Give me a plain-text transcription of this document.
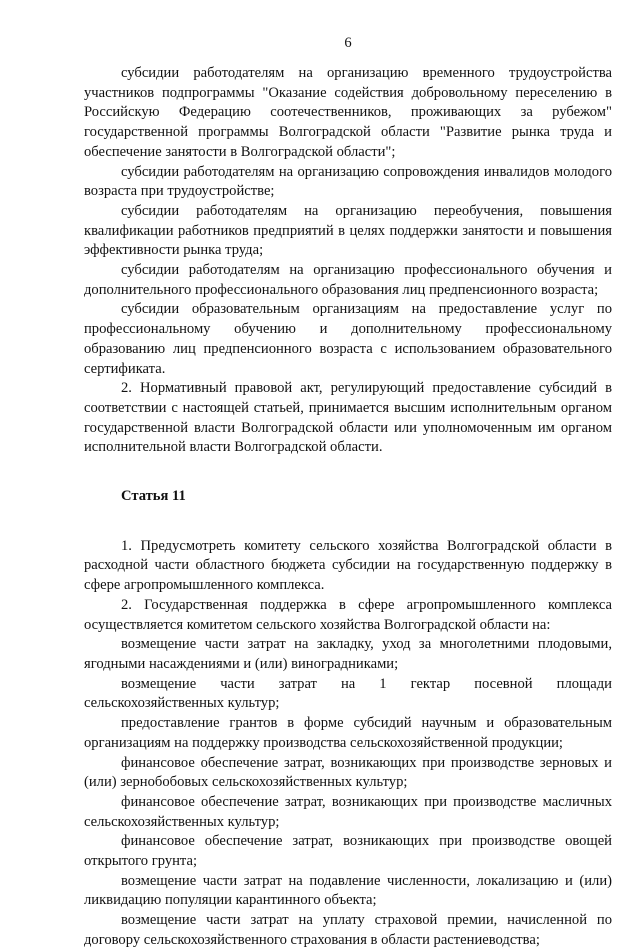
6

субсидии работодателям на организацию временного трудоустройства участников подпрограммы "Оказание содействия добровольному переселению в Российскую Федерацию соотечественников, проживающих за рубежом" государственной программы Волгоградской области "Развитие рынка труда и обеспечение занятости в Волгоградской области";

субсидии работодателям на организацию сопровождения инвалидов молодого возраста при трудоустройстве;

субсидии работодателям на организацию переобучения, повышения квалификации работников предприятий в целях поддержки занятости и повышения эффективности рынка труда;

субсидии работодателям на организацию профессионального обучения и дополнительного профессионального образования лиц предпенсионного возраста;

субсидии образовательным организациям на предоставление услуг по профессиональному обучению и дополнительному профессиональному образованию лиц предпенсионного возраста с использованием образовательного сертификата.

2. Нормативный правовой акт, регулирующий предоставление субсидий в соответствии с настоящей статьей, принимается высшим исполнительным органом государственной власти Волгоградской области или уполномоченным им органом исполнительной власти Волгоградской области.

Статья 11

1. Предусмотреть комитету сельского хозяйства Волгоградской области в расходной части областного бюджета субсидии на государственную поддержку в сфере агропромышленного комплекса.

2. Государственная поддержка в сфере агропромышленного комплекса осуществляется комитетом сельского хозяйства Волгоградской области на:

возмещение части затрат на закладку, уход за многолетними плодовыми, ягодными насаждениями и (или) виноградниками;

возмещение части затрат на 1 гектар посевной площади сельскохозяйственных культур;

предоставление грантов в форме субсидий научным и образовательным организациям на поддержку производства сельскохозяйственной продукции;

финансовое обеспечение затрат, возникающих при производстве зерновых и (или) зернобобовых сельскохозяйственных культур;

финансовое обеспечение затрат, возникающих при производстве масличных сельскохозяйственных культур;

финансовое обеспечение затрат, возникающих при производстве овощей открытого грунта;

возмещение части затрат на подавление численности, локализацию и (или) ликвидацию популяции карантинного объекта;

возмещение части затрат на уплату страховой премии, начисленной по договору сельскохозяйственного страхования в области растениеводства;
